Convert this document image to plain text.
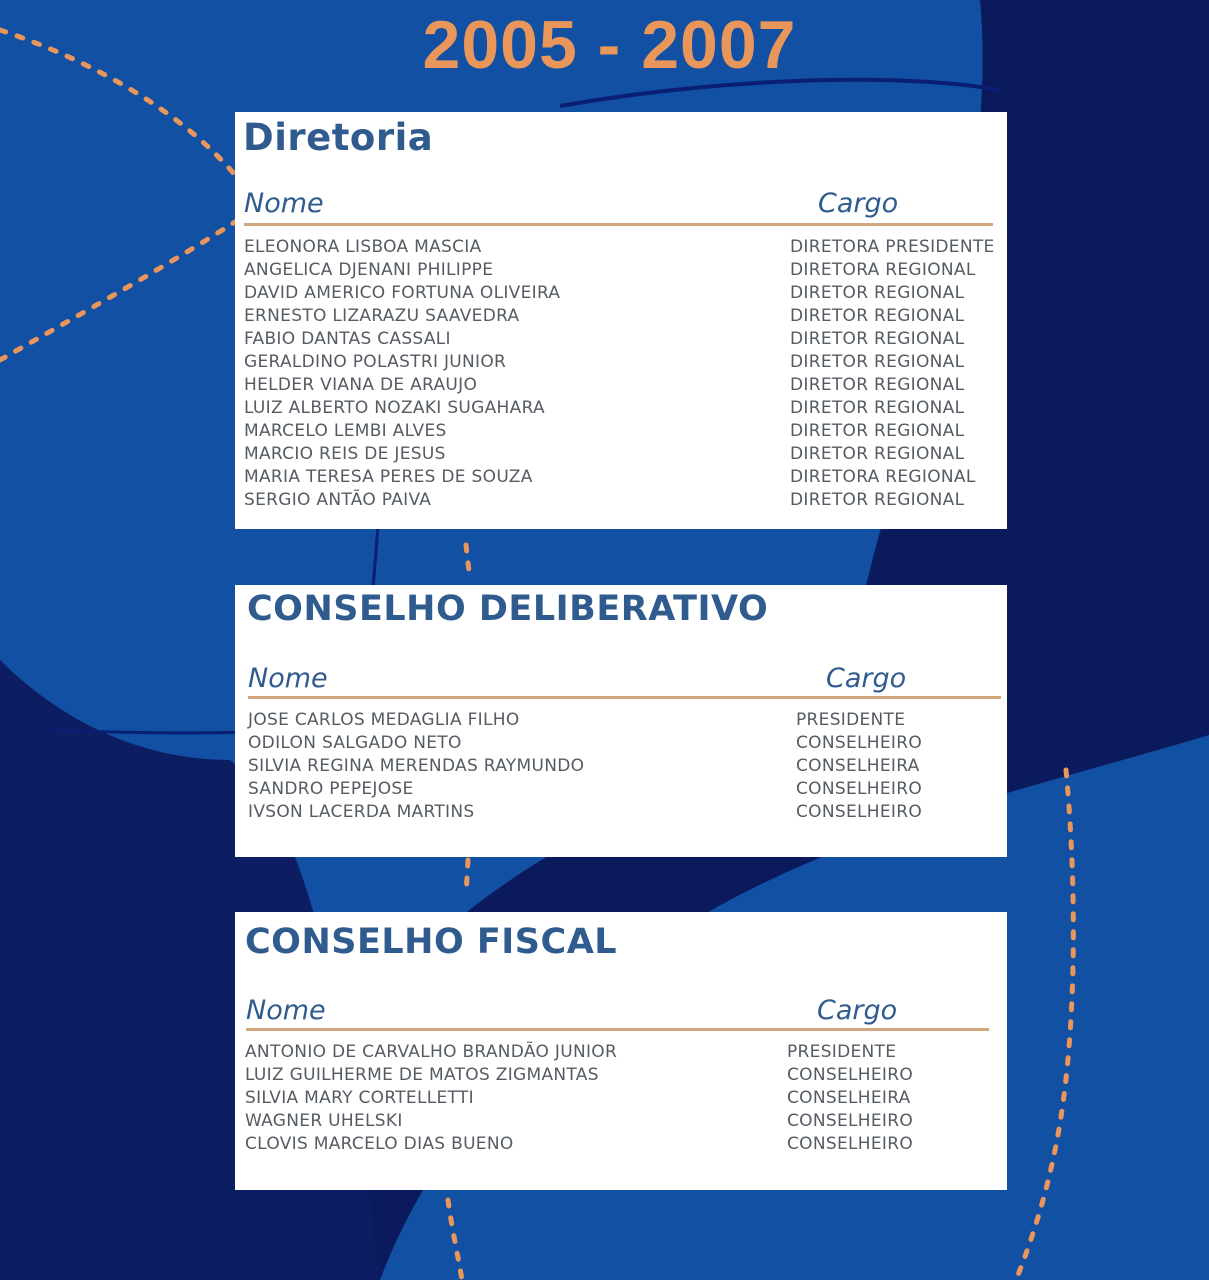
2005 - 2007
Diretoria
Nome	Cargo
ELEONORA LISBOA MASCIA	DIRETORA PRESIDENTE
ANGELICA DJENANI PHILIPPE	DIRETORA REGIONAL
DAVID AMERICO FORTUNA OLIVEIRA	DIRETOR REGIONAL
ERNESTO LIZARAZU SAAVEDRA	DIRETOR REGIONAL
FABIO DANTAS CASSALI	DIRETOR REGIONAL
GERALDINO POLASTRI JUNIOR	DIRETOR REGIONAL
HELDER VIANA DE ARAUJO	DIRETOR REGIONAL
LUIZ ALBERTO NOZAKI SUGAHARA	DIRETOR REGIONAL
MARCELO LEMBI ALVES	DIRETOR REGIONAL
MARCIO REIS DE JESUS	DIRETOR REGIONAL
MARIA TERESA PERES DE SOUZA	DIRETORA REGIONAL
SERGIO ANTÃO PAIVA	DIRETOR REGIONAL
CONSELHO DELIBERATIVO
Nome	Cargo
JOSE CARLOS MEDAGLIA FILHO	PRESIDENTE
ODILON SALGADO NETO	CONSELHEIRO
SILVIA REGINA MERENDAS RAYMUNDO	CONSELHEIRA
SANDRO PEPEJOSE	CONSELHEIRO
IVSON LACERDA MARTINS	CONSELHEIRO
CONSELHO FISCAL
Nome	Cargo
ANTONIO DE CARVALHO BRANDÃO JUNIOR	PRESIDENTE
LUIZ GUILHERME DE MATOS ZIGMANTAS	CONSELHEIRO
SILVIA MARY CORTELLETTI	CONSELHEIRA
WAGNER UHELSKI	CONSELHEIRO
CLOVIS MARCELO DIAS BUENO	CONSELHEIRO
